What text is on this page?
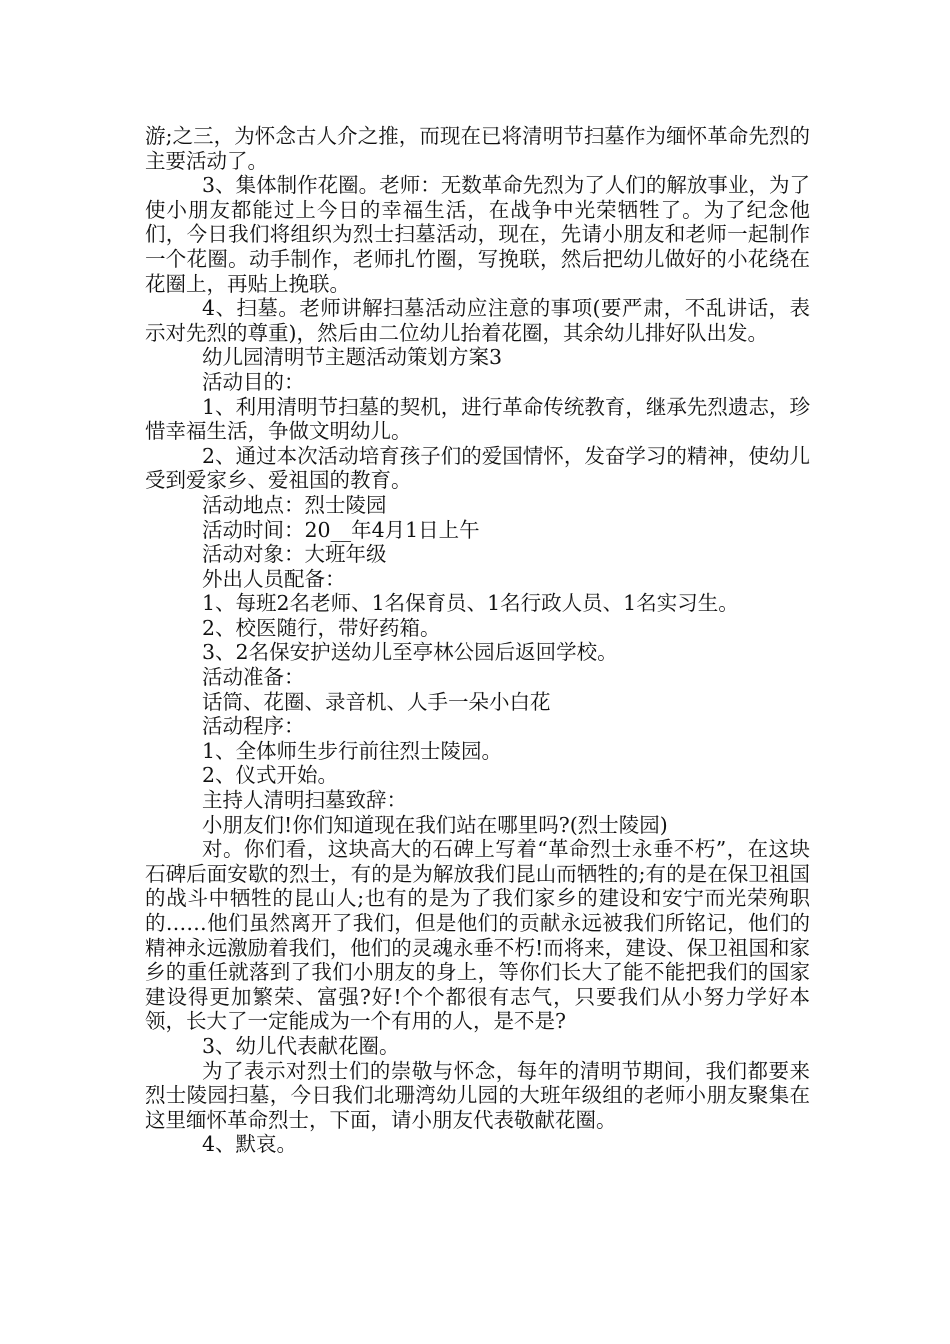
游;之三，为怀念古人介之推，而现在已将清明节扫墓作为缅怀革命先烈的主要活动了。

3、集体制作花圈。老师：无数革命先烈为了人们的解放事业，为了使小朋友都能过上今日的幸福生活，在战争中光荣牺牲了。为了纪念他们，今日我们将组织为烈士扫墓活动，现在，先请小朋友和老师一起制作一个花圈。动手制作，老师扎竹圈，写挽联，然后把幼儿做好的小花绕在花圈上，再贴上挽联。

4、扫墓。老师讲解扫墓活动应注意的事项(要严肃，不乱讲话，表示对先烈的尊重)，然后由二位幼儿抬着花圈，其余幼儿排好队出发。

幼儿园清明节主题活动策划方案3

活动目的：

1、利用清明节扫墓的契机，进行革命传统教育，继承先烈遗志，珍惜幸福生活，争做文明幼儿。

2、通过本次活动培育孩子们的爱国情怀，发奋学习的精神，使幼儿受到爱家乡、爱祖国的教育。

活动地点：烈士陵园

活动时间：20__年4月1日上午

活动对象：大班年级

外出人员配备：

1、每班2名老师、1名保育员、1名行政人员、1名实习生。

2、校医随行，带好药箱。

3、2名保安护送幼儿至亭林公园后返回学校。

活动准备：

话筒、花圈、录音机、人手一朵小白花

活动程序：

1、全体师生步行前往烈士陵园。

2、仪式开始。

主持人清明扫墓致辞：

小朋友们!你们知道现在我们站在哪里吗?(烈士陵园)

对。你们看，这块高大的石碑上写着“革命烈士永垂不朽”，在这块石碑后面安歇的烈士，有的是为解放我们昆山而牺牲的;有的是在保卫祖国的战斗中牺牲的昆山人;也有的是为了我们家乡的建设和安宁而光荣殉职的……他们虽然离开了我们，但是他们的贡献永远被我们所铭记，他们的精神永远激励着我们，他们的灵魂永垂不朽!而将来，建设、保卫祖国和家乡的重任就落到了我们小朋友的身上，等你们长大了能不能把我们的国家建设得更加繁荣、富强?好!个个都很有志气，只要我们从小努力学好本领，长大了一定能成为一个有用的人，是不是?

3、幼儿代表献花圈。

为了表示对烈士们的崇敬与怀念，每年的清明节期间，我们都要来烈士陵园扫墓，今日我们北珊湾幼儿园的大班年级组的老师小朋友聚集在这里缅怀革命烈士，下面，请小朋友代表敬献花圈。

4、默哀。
